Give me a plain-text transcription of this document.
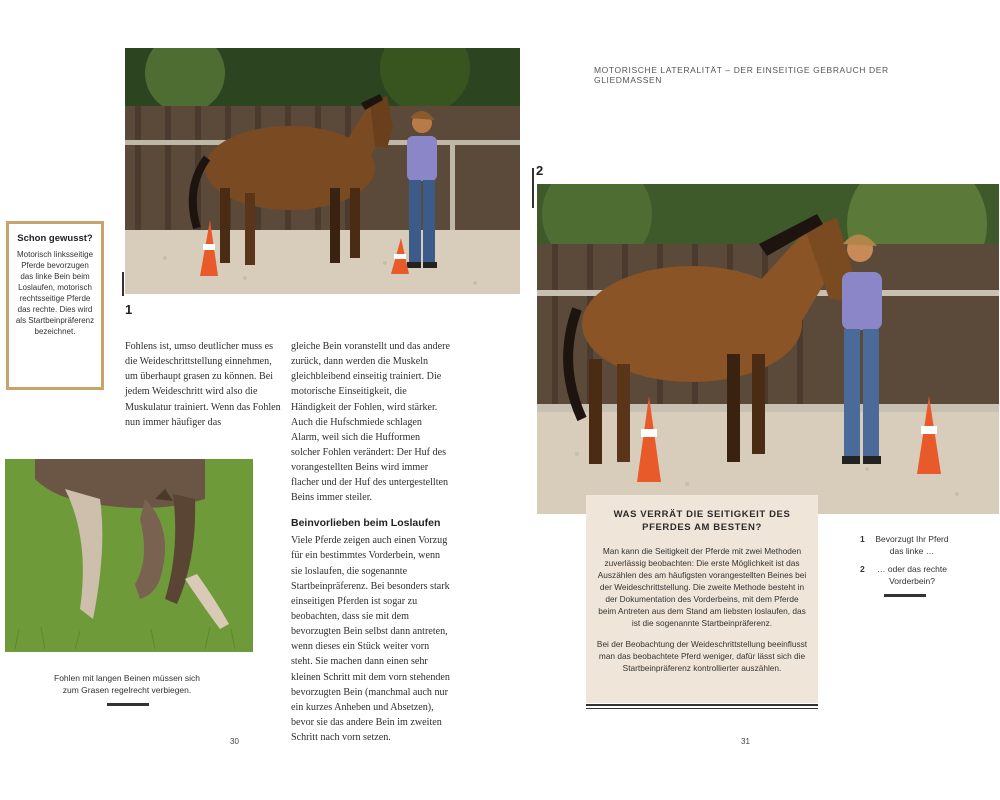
MOTORISCHE LATERALITÄT – DER EINSEITIGE GEBRAUCH DER GLIEDMASSEN
1
2
Schon gewusst?
Motorisch linksseitige Pferde bevorzugen das linke Bein beim Loslaufen, motorisch rechtsseitige Pferde das rechte. Dies wird als Startbeinpräferenz bezeichnet.
Fohlen mit langen Beinen müssen sich zum Grasen regelrecht verbiegen.

Fohlens ist, umso deutlicher muss es die Weideschrittstellung einnehmen, um überhaupt grasen zu können. Bei jedem Weideschritt wird also die Muskulatur trainiert. Wenn das Fohlen nun immer häufiger das

gleiche Bein voranstellt und das andere zurück, dann werden die Muskeln gleichbleibend einseitig trainiert. Die motorische Einseitigkeit, die Händigkeit der Fohlen, wird stärker. Auch die Hufschmiede schlagen Alarm, weil sich die Hufformen solcher Fohlen verändert: Der Huf des vorangestellten Beins wird immer flacher und der Huf des untergestellten Beins immer steiler.

Beinvorlieben beim Loslaufen

Viele Pferde zeigen auch einen Vorzug für ein bestimmtes Vorderbein, wenn sie loslaufen, die sogenannte Startbeinpräferenz. Bei besonders stark einseitigen Pferden ist sogar zu beobachten, dass sie mit dem bevorzugten Bein selbst dann antreten, wenn dieses ein Stück weiter vorn steht. Sie machen dann einen sehr kleinen Schritt mit dem vorn stehenden bevorzugten Bein (manchmal auch nur ein kurzes Anheben und Absetzen), bevor sie das andere Bein im zweiten Schritt nach vorn setzen.

WAS VERRÄT DIE SEITIGKEIT DES PFERDES AM BESTEN?

Man kann die Seitigkeit der Pferde mit zwei Methoden zuverlässig beobachten: Die erste Möglichkeit ist das Auszählen des am häufigsten vorangestellten Beines bei der Weideschrittstellung. Die zweite Methode besteht in der Dokumentation des Vorderbeins, mit dem Pferde beim Antreten aus dem Stand am liebsten loslaufen, das ist die sogenannte Startbeinpräferenz.

Bei der Beobachtung der Weideschrittstellung beeinflusst man das beobachtete Pferd weniger, dafür lässt sich die Startbeinpräferenz kontrollierter auszählen.

1	Bevorzugt Ihr Pferd das linke …
2	… oder das rechte Vorderbein?
30	31
